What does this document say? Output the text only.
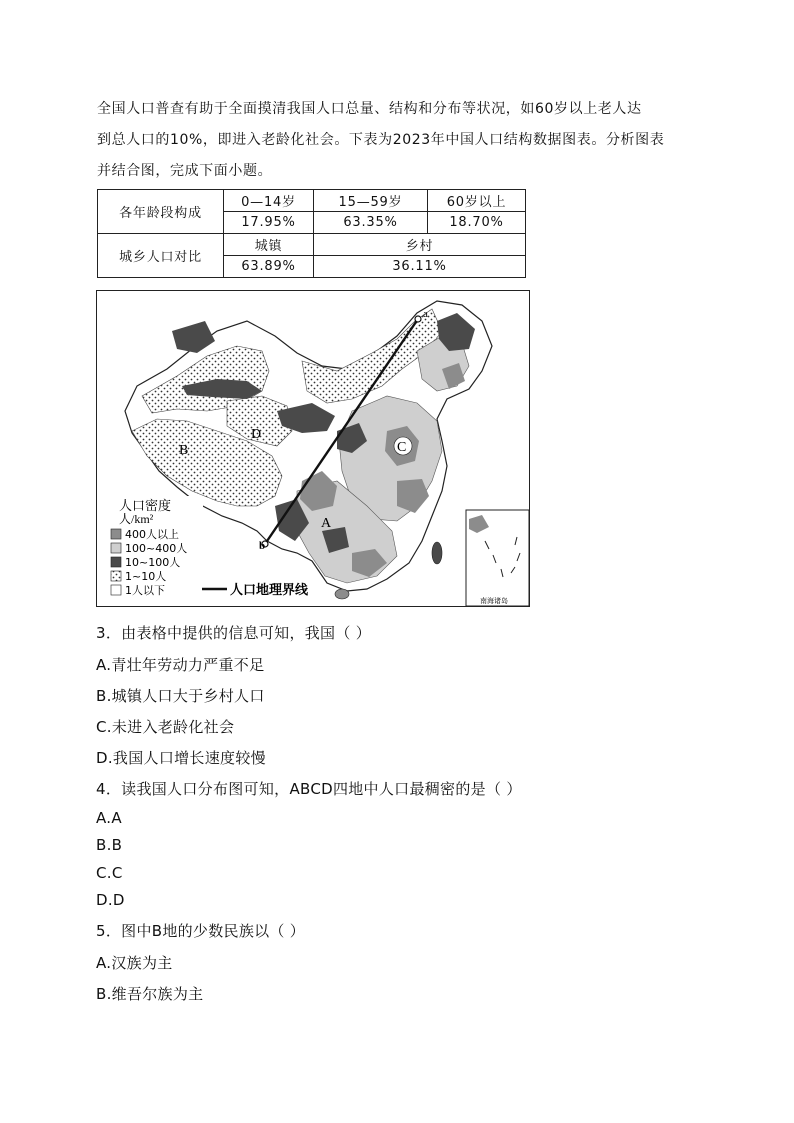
全国人口普查有助于全面摸清我国人口总量、结构和分布等状况，如60岁以上老人达

到总人口的10%，即进入老龄化社会。下表为2023年中国人口结构数据图表。分析图表

并结合图，完成下面小题。

各年龄段构成	0—14岁	15—59岁	60岁以上
	17.95%	63.35%	18.70%
城乡人口对比	城镇	乡村	
	63.89%	36.11%	
a
b
A
B	C
D
南海诸岛
人口密度
人/km²
400人以上
100~400人
10~100人
1~10人
1人以下	人口地理界线
3．由表格中提供的信息可知，我国（ ）
A.青壮年劳动力严重不足
B.城镇人口大于乡村人口
C.未进入老龄化社会
D.我国人口增长速度较慢
4．读我国人口分布图可知，ABCD四地中人口最稠密的是（ ）
A.A
B.B
C.C
D.D
5．图中B地的少数民族以（ ）
A.汉族为主
B.维吾尔族为主
